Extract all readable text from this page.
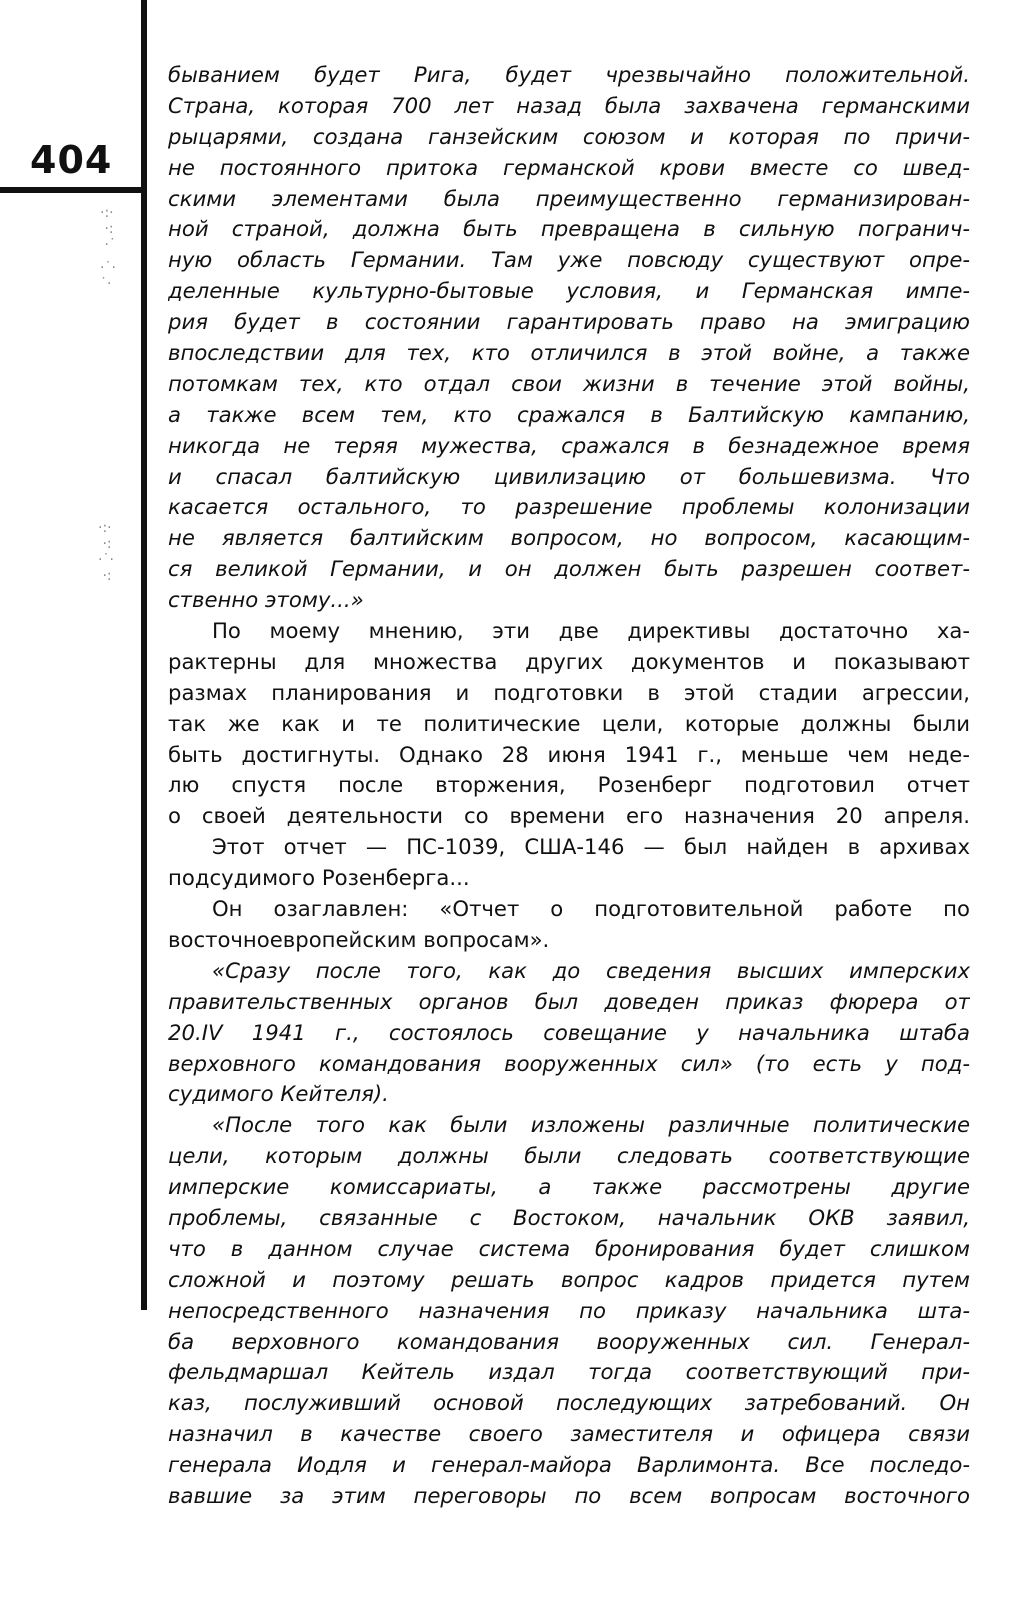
404
·:·
·:
·˙
·˙·
˙·
·:·
·:
·˙·
·:
быванием будет Рига, будет чрезвычайно положительной.
Страна, которая 700 лет назад была захвачена германскими
рыцарями, создана ганзейским союзом и которая по причи-
не постоянного притока германской крови вместе со швед-
скими элементами была преимущественно германизирован-
ной страной, должна быть превращена в сильную погранич-
ную область Германии. Там уже повсюду существуют опре-
деленные культурно-бытовые условия, и Германская импе-
рия будет в состоянии гарантировать право на эмиграцию
впоследствии для тех, кто отличился в этой войне, а также
потомкам тех, кто отдал свои жизни в течение этой войны,
а также всем тем, кто сражался в Балтийскую кампанию,
никогда не теряя мужества, сражался в безнадежное время
и спасал балтийскую цивилизацию от большевизма. Что
касается остального, то разрешение проблемы колонизации
не является балтийским вопросом, но вопросом, касающим-
ся великой Германии, и он должен быть разрешен соответ-
ственно этому...»
По моему мнению, эти две директивы достаточно ха-
рактерны для множества других документов и показывают
размах планирования и подготовки в этой стадии агрессии,
так же как и те политические цели, которые должны были
быть достигнуты. Однако 28 июня 1941 г., меньше чем неде-
лю спустя после вторжения, Розенберг подготовил отчет
о своей деятельности со времени его назначения 20 апреля.
Этот отчет — ПС-1039, США-146 — был найден в архивах
подсудимого Розенберга...
Он озаглавлен: «Отчет о подготовительной работе по
восточноевропейским вопросам».
«Сразу после того, как до сведения высших имперских
правительственных органов был доведен приказ фюрера от
20.IV 1941 г., состоялось совещание у начальника штаба
верховного командования вооруженных сил» (то есть у под-
судимого Кейтеля).
«После того как были изложены различные политические
цели, которым должны были следовать соответствующие
имперские комиссариаты, а также рассмотрены другие
проблемы, связанные с Востоком, начальник ОКВ заявил,
что в данном случае система бронирования будет слишком
сложной и поэтому решать вопрос кадров придется путем
непосредственного назначения по приказу начальника шта-
ба верховного командования вооруженных сил. Генерал-
фельдмаршал Кейтель издал тогда соответствующий при-
каз, послуживший основой последующих затребований. Он
назначил в качестве своего заместителя и офицера связи
генерала Иодля и генерал-майора Варлимонта. Все последо-
вавшие за этим переговоры по всем вопросам восточного
